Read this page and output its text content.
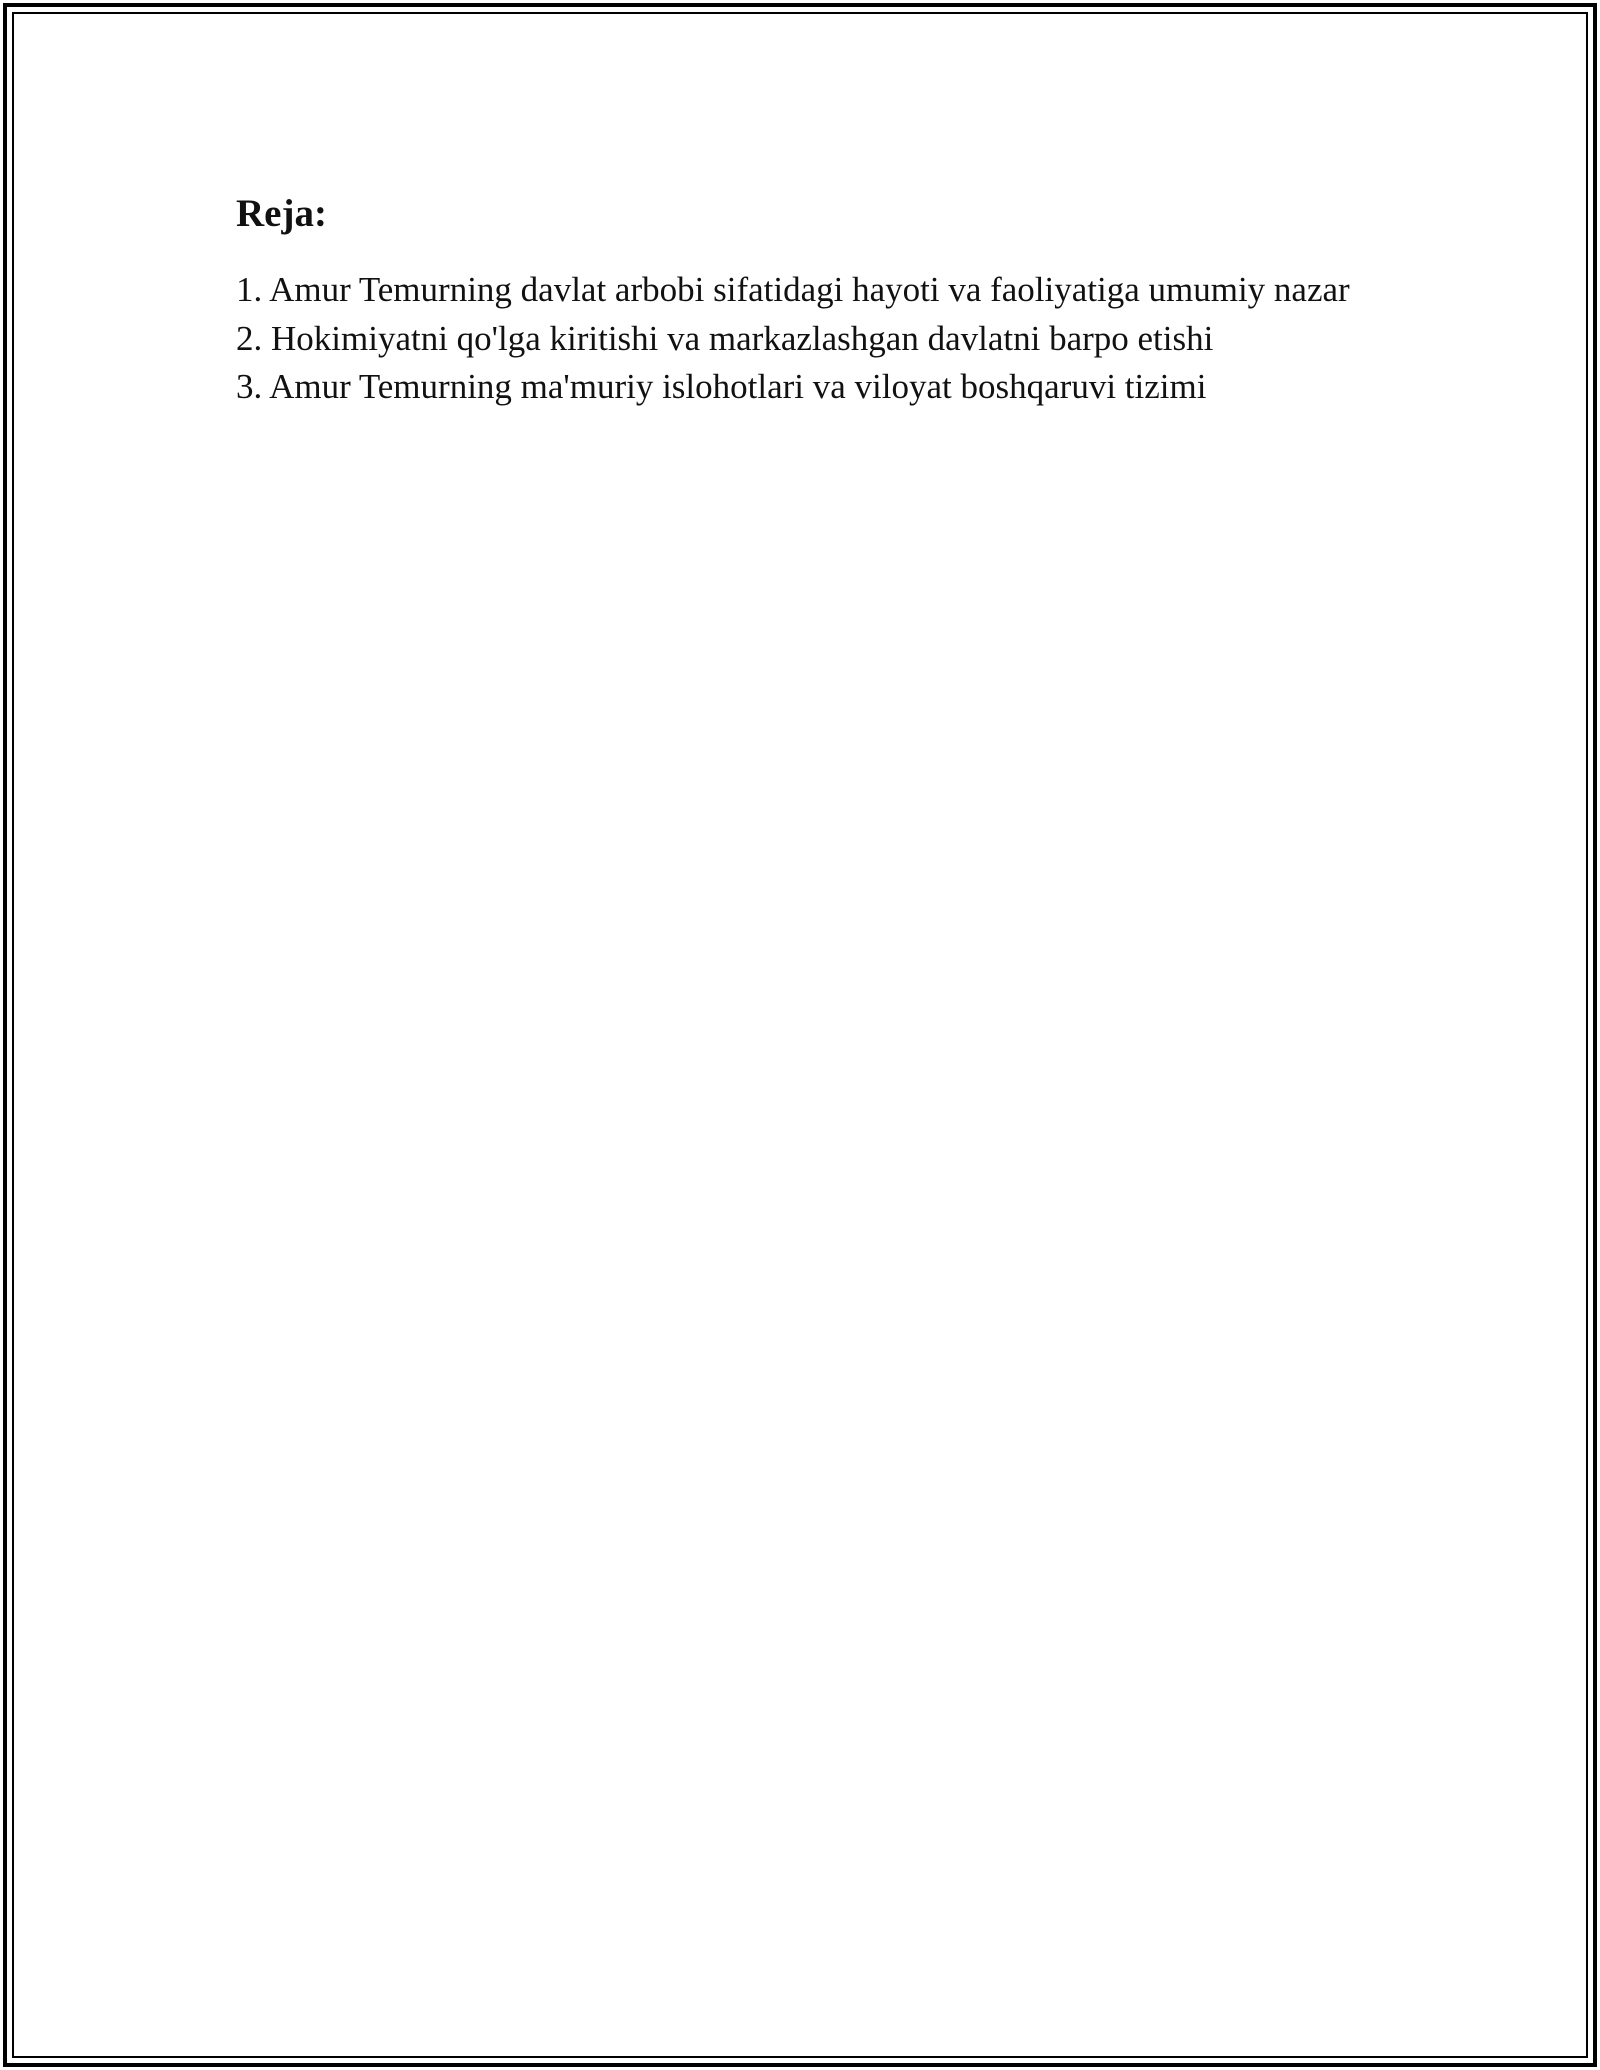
Reja:
1. Amur Temurning davlat arbobi sifatidagi hayoti va faoliyatiga umumiy nazar
2. Hokimiyatni qo'lga kiritishi va markazlashgan davlatni barpo etishi
3. Amur Temurning ma'muriy islohotlari va viloyat boshqaruvi tizimi
